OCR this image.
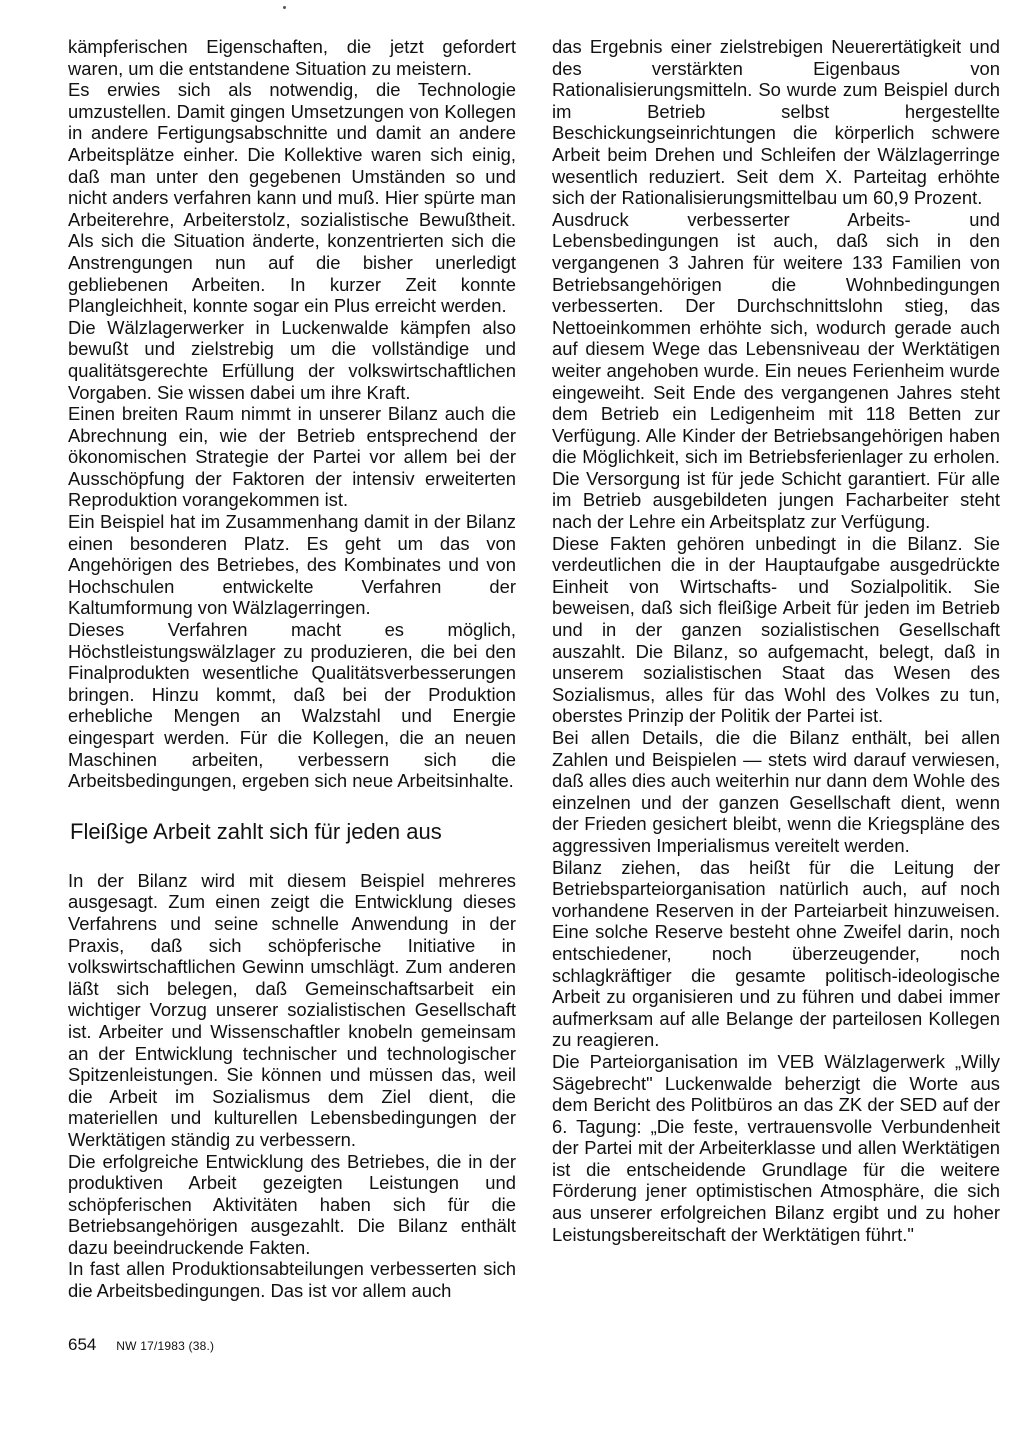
kämpferischen Eigenschaften, die jetzt gefordert waren, um die entstandene Situation zu meistern.

Es erwies sich als notwendig, die Technologie umzustellen. Damit gingen Umsetzungen von Kollegen in andere Fertigungsabschnitte und damit an andere Arbeitsplätze einher. Die Kollektive waren sich einig, daß man unter den gegebenen Umständen so und nicht anders verfahren kann und muß. Hier spürte man Arbeiterehre, Arbeiterstolz, sozialistische Bewußtheit. Als sich die Situation änderte, konzentrierten sich die Anstrengungen nun auf die bisher unerledigt gebliebenen Arbeiten. In kurzer Zeit konnte Plangleichheit, konnte sogar ein Plus erreicht werden.

Die Wälzlagerwerker in Luckenwalde kämpfen also bewußt und zielstrebig um die vollständige und qualitätsgerechte Erfüllung der volkswirtschaftlichen Vorgaben. Sie wissen dabei um ihre Kraft.

Einen breiten Raum nimmt in unserer Bilanz auch die Abrechnung ein, wie der Betrieb entsprechend der ökonomischen Strategie der Partei vor allem bei der Ausschöpfung der Faktoren der intensiv erweiterten Reproduktion vorangekommen ist.

Ein Beispiel hat im Zusammenhang damit in der Bilanz einen besonderen Platz. Es geht um das von Angehörigen des Betriebes, des Kombinates und von Hochschulen entwickelte Verfahren der Kaltumformung von Wälzlagerringen.

Dieses Verfahren macht es möglich, Höchstleistungswälzlager zu produzieren, die bei den Finalprodukten wesentliche Qualitätsverbesserungen bringen. Hinzu kommt, daß bei der Produktion erhebliche Mengen an Walzstahl und Energie eingespart werden. Für die Kollegen, die an neuen Maschinen arbeiten, verbessern sich die Arbeitsbedingungen, ergeben sich neue Arbeitsinhalte.

Fleißige Arbeit zahlt sich für jeden aus

In der Bilanz wird mit diesem Beispiel mehreres ausgesagt. Zum einen zeigt die Entwicklung dieses Verfahrens und seine schnelle Anwendung in der Praxis, daß sich schöpferische Initiative in volkswirtschaftlichen Gewinn umschlägt. Zum anderen läßt sich belegen, daß Gemeinschaftsarbeit ein wichtiger Vorzug unserer sozialistischen Gesellschaft ist. Arbeiter und Wissenschaftler knobeln gemeinsam an der Entwicklung technischer und technologischer Spitzenleistungen. Sie können und müssen das, weil die Arbeit im Sozialismus dem Ziel dient, die materiellen und kulturellen Lebensbedingungen der Werktätigen ständig zu verbessern.

Die erfolgreiche Entwicklung des Betriebes, die in der produktiven Arbeit gezeigten Leistungen und schöpferischen Aktivitäten haben sich für die Betriebsangehörigen ausgezahlt. Die Bilanz enthält dazu beeindruckende Fakten.

In fast allen Produktionsabteilungen verbesserten sich die Arbeitsbedingungen. Das ist vor allem auch

das Ergebnis einer zielstrebigen Neuerertätigkeit und des verstärkten Eigenbaus von Rationalisierungsmitteln. So wurde zum Beispiel durch im Betrieb selbst hergestellte Beschickungseinrichtungen die körperlich schwere Arbeit beim Drehen und Schleifen der Wälzlagerringe wesentlich reduziert. Seit dem X. Parteitag erhöhte sich der Rationalisierungsmittelbau um 60,9 Prozent.

Ausdruck verbesserter Arbeits- und Lebensbedingungen ist auch, daß sich in den vergangenen 3 Jahren für weitere 133 Familien von Betriebsangehörigen die Wohnbedingungen verbesserten. Der Durchschnittslohn stieg, das Nettoeinkommen erhöhte sich, wodurch gerade auch auf diesem Wege das Lebensniveau der Werktätigen weiter angehoben wurde. Ein neues Ferienheim wurde eingeweiht. Seit Ende des vergangenen Jahres steht dem Betrieb ein Ledigenheim mit 118 Betten zur Verfügung. Alle Kinder der Betriebsangehörigen haben die Möglichkeit, sich im Betriebsferienlager zu erholen. Die Versorgung ist für jede Schicht garantiert. Für alle im Betrieb ausgebildeten jungen Facharbeiter steht nach der Lehre ein Arbeitsplatz zur Verfügung.

Diese Fakten gehören unbedingt in die Bilanz. Sie verdeutlichen die in der Hauptaufgabe ausgedrückte Einheit von Wirtschafts- und Sozialpolitik. Sie beweisen, daß sich fleißige Arbeit für jeden im Betrieb und in der ganzen sozialistischen Gesellschaft auszahlt. Die Bilanz, so aufgemacht, belegt, daß in unserem sozialistischen Staat das Wesen des Sozialismus, alles für das Wohl des Volkes zu tun, oberstes Prinzip der Politik der Partei ist.

Bei allen Details, die die Bilanz enthält, bei allen Zahlen und Beispielen — stets wird darauf verwiesen, daß alles dies auch weiterhin nur dann dem Wohle des einzelnen und der ganzen Gesellschaft dient, wenn der Frieden gesichert bleibt, wenn die Kriegspläne des aggressiven Imperialismus vereitelt werden.

Bilanz ziehen, das heißt für die Leitung der Betriebsparteiorganisation natürlich auch, auf noch vorhandene Reserven in der Parteiarbeit hinzuweisen. Eine solche Reserve besteht ohne Zweifel darin, noch entschiedener, noch überzeugender, noch schlagkräftiger die gesamte politisch-ideologische Arbeit zu organisieren und zu führen und dabei immer aufmerksam auf alle Belange der parteilosen Kollegen zu reagieren.

Die Parteiorganisation im VEB Wälzlagerwerk „Willy Sägebrecht" Luckenwalde beherzigt die Worte aus dem Bericht des Politbüros an das ZK der SED auf der 6. Tagung: „Die feste, vertrauensvolle Verbundenheit der Partei mit der Arbeiterklasse und allen Werktätigen ist die entscheidende Grundlage für die weitere Förderung jener optimistischen Atmosphäre, die sich aus unserer erfolgreichen Bilanz ergibt und zu hoher Leistungsbereitschaft der Werktätigen führt."

654 NW 17/1983 (38.)
